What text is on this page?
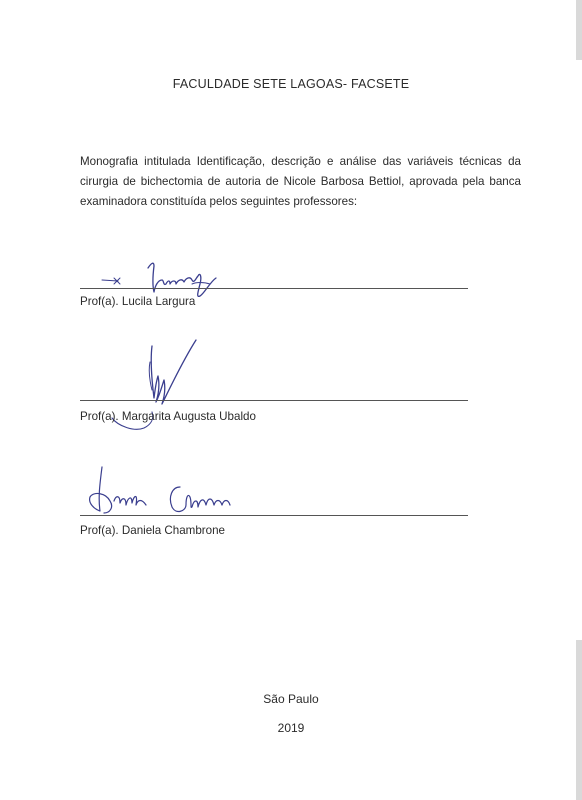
FACULDADE SETE LAGOAS- FACSETE
Monografia intitulada Identificação, descrição e análise das variáveis técnicas da cirurgia de bichectomia de autoria de Nicole Barbosa Bettiol, aprovada pela banca examinadora constituída pelos seguintes professores:
Prof(a). Lucila Largura
Prof(a). Margarita Augusta Ubaldo
Prof(a). Daniela Chambrone
São Paulo
2019
